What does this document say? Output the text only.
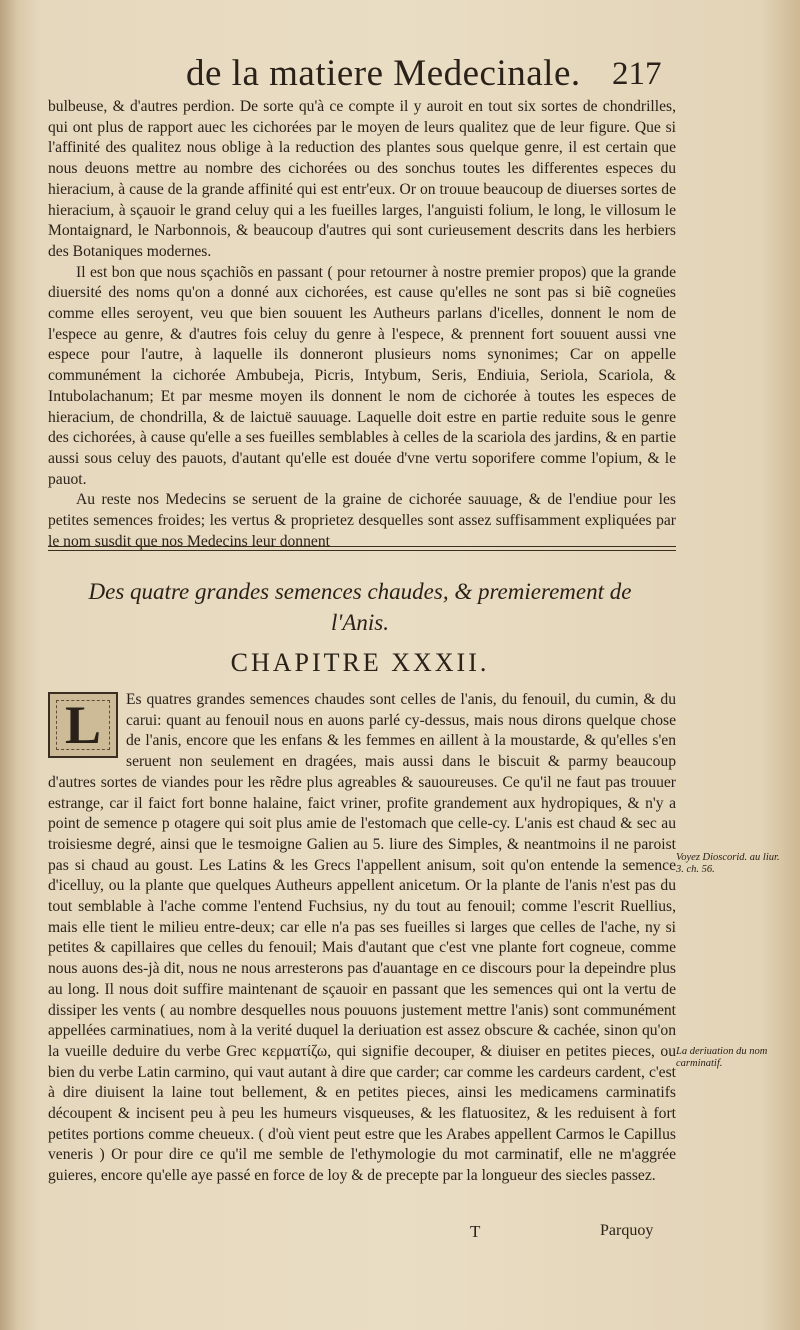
de la matiere Medecinale. 217

bulbeuse, & d'autres perdion. De sorte qu'à ce compte il y auroit en tout six sortes de chondrilles, qui ont plus de rapport auec les cichorées par le moyen de leurs qualitez que de leur figure. Que si l'affinité des qualitez nous oblige à la reduction des plantes sous quelque genre, il est certain que nous deuons mettre au nombre des cichorées ou des sonchus toutes les differentes especes du hieracium, à cause de la grande affinité qui est entr'eux. Or on trouue beaucoup de diuerses sortes de hieracium, à sçauoir le grand celuy qui a les fueilles larges, l'anguisti folium, le long, le villosum le Montaignard, le Narbonnois, & beaucoup d'autres qui sont curieusement descrits dans les herbiers des Botaniques modernes.

Il est bon que nous sçachiõs en passant ( pour retourner à nostre premier propos) que la grande diuersité des noms qu'on a donné aux cichorées, est cause qu'elles ne sont pas si biẽ cogneües comme elles seroyent, veu que bien souuent les Autheurs parlans d'icelles, donnent le nom de l'espece au genre, & d'autres fois celuy du genre à l'espece, & prennent fort souuent aussi vne espece pour l'autre, à laquelle ils donneront plusieurs noms synonimes; Car on appelle communément la cichorée Ambubeja, Picris, Intybum, Seris, Endiuia, Seriola, Scariola, & Intubolachanum; Et par mesme moyen ils donnent le nom de cichorée à toutes les especes de hieracium, de chondrilla, & de laictuë sauuage. Laquelle doit estre en partie reduite sous le genre des cichorées, à cause qu'elle a ses fueilles semblables à celles de la scariola des jardins, & en partie aussi sous celuy des pauots, d'autant qu'elle est douée d'vne vertu soporifere comme l'opium, & le pauot.

Au reste nos Medecins se seruent de la graine de cichorée sauuage, & de l'endiue pour les petites semences froides; les vertus & proprietez desquelles sont assez suffisamment expliquées par le nom susdit que nos Medecins leur donnent

Des quatre grandes semences chaudes, & premierement de l'Anis.
CHAPITRE XXXII.
L	Es quatres grandes semences chaudes sont celles de l'anis, du fenouil, du cumin, & du carui: quant au fenouil nous en auons parlé cy-dessus, mais nous dirons quelque chose de l'anis, encore que les enfans & les femmes en aillent à la moustarde, & qu'elles s'en seruent non seulement en dragées, mais aussi dans le biscuit & parmy beaucoup d'autres sortes de viandes pour les rẽdre plus agreables & sauoureuses. Ce qu'il ne faut pas trouuer estrange, car il faict fort bonne halaine, faict vriner, profite grandement aux hydropiques, & n'y a point de semence p otagere qui soit plus amie de l'estomach que celle-cy. L'anis est chaud & sec au troisiesme degré, ainsi que le tesmoigne Galien au 5. liure des Simples, & neantmoins il ne paroist pas si chaud au goust. Les Latins & les Grecs l'appellent anisum, soit qu'on entende la semence d'icelluy, ou la plante que quelques Autheurs appellent anicetum. Or la plante de l'anis n'est pas du tout semblable à l'ache comme l'entend Fuchsius, ny du tout au fenouil; comme l'escrit Ruellius, mais elle tient le milieu entre-deux; car elle n'a pas ses fueilles si larges que celles de l'ache, ny si petites & capillaires que celles du fenouil; Mais d'autant que c'est vne plante fort cogneue, comme nous auons des-jà dit, nous ne nous arresterons pas d'auantage en ce discours pour la depeindre plus au long. Il nous doit suffire maintenant de sçauoir en passant que les semences qui ont la vertu de dissiper les vents ( au nombre desquelles nous pouuons justement mettre l'anis) sont communément appellées carminatiues, nom à la verité duquel la deriuation est assez obscure & cachée, sinon qu'on la vueille deduire du verbe Grec κερματίζω, qui signifie decouper, & diuiser en petites pieces, ou bien du verbe Latin carmino, qui vaut autant à dire que carder; car comme les cardeurs cardent, c'est à dire diuisent la laine tout bellement, & en petites pieces, ainsi les medicamens carminatifs découpent & incisent peu à peu les humeurs visqueuses, & les flatuositez, & les reduisent à fort petites portions comme cheueux. ( d'où vient peut estre que les Arabes appellent Carmos le Capillus veneris ) Or pour dire ce qu'il me semble de l'ethymologie du mot carminatif, elle ne m'aggrée guieres, encore qu'elle aye passé en force de loy & de precepte par la longueur des siecles passez.

Voyez Dioscorid. au liur. 3. ch. 56.
La deriuation du nom carminatif.
T	Parquoy
